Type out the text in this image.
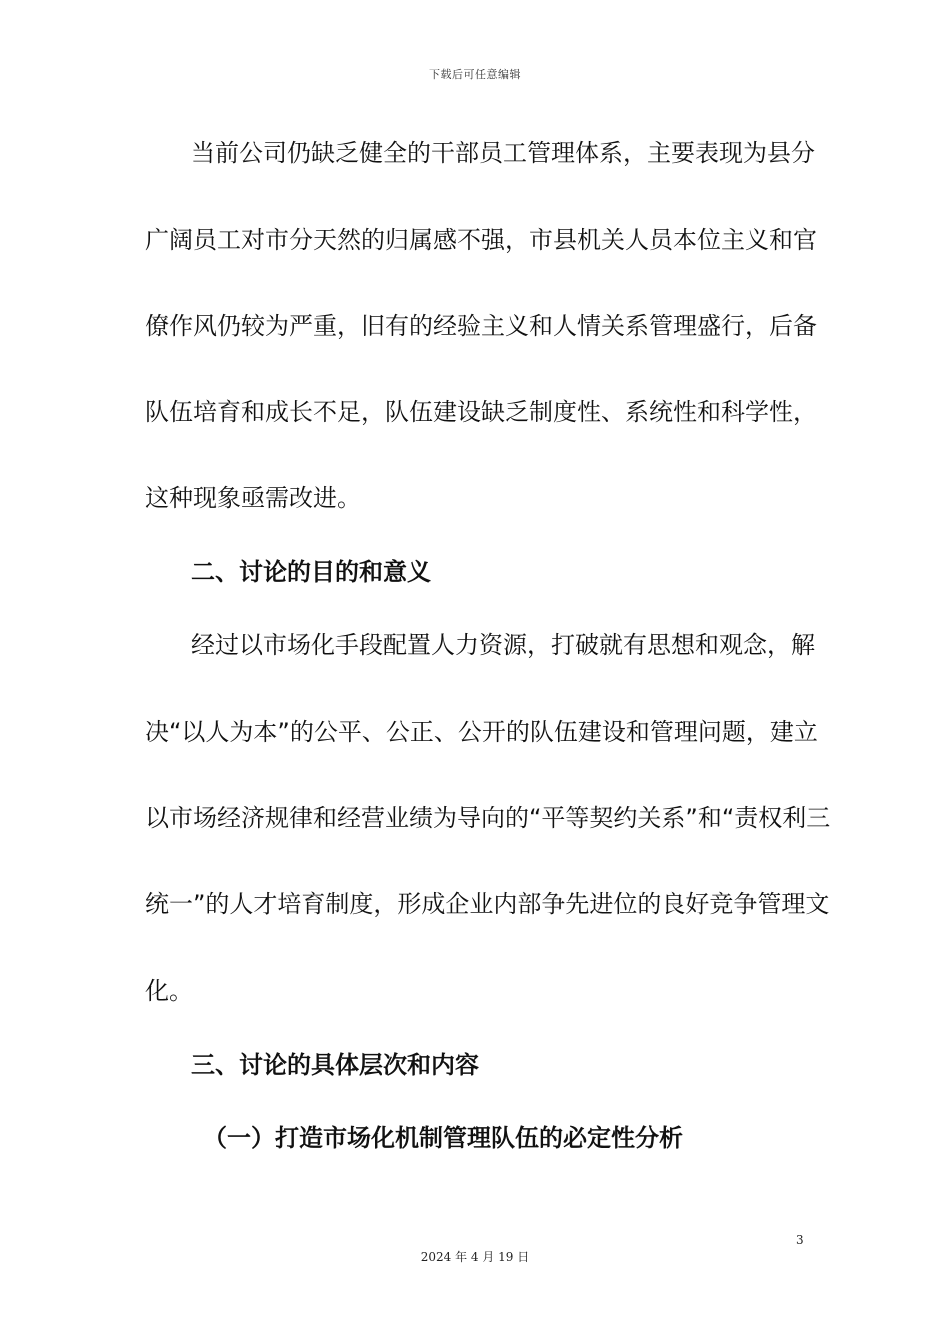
下载后可任意编辑
当前公司仍缺乏健全的干部员工管理体系，主要表现为县分
广阔员工对市分天然的归属感不强，市县机关人员本位主义和官
僚作风仍较为严重，旧有的经验主义和人情关系管理盛行，后备
队伍培育和成长不足，队伍建设缺乏制度性、系统性和科学性，
这种现象亟需改进。
二、讨论的目的和意义
经过以市场化手段配置人力资源，打破就有思想和观念，解
决“以人为本”的公平、公正、公开的队伍建设和管理问题，建立
以市场经济规律和经营业绩为导向的“平等契约关系”和“责权利三
统一”的人才培育制度，形成企业内部争先进位的良好竞争管理文
化。
三、讨论的具体层次和内容
（一）打造市场化机制管理队伍的必定性分析
3
2024 年 4 月 19 日
